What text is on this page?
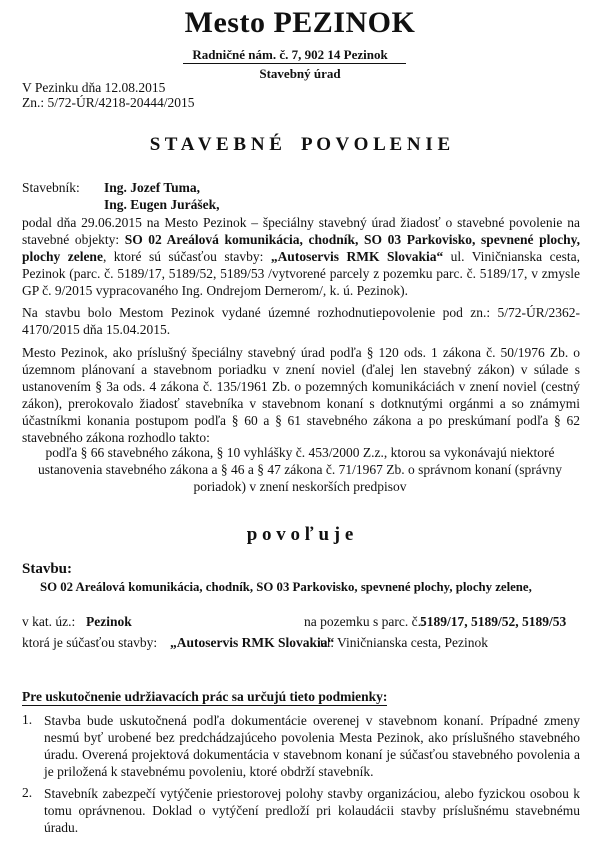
Mesto PEZINOK
Radničné nám. č. 7, 902 14 Pezinok
Stavebný úrad
V Pezinku dňa 12.08.2015
Zn.: 5/72-ÚR/4218-20444/2015
S T A V E B N É    P O V O L E N I E
Stavebník: Ing. Jozef Tuma,
Ing. Eugen Jurášek,
podal dňa 29.06.2015 na Mesto Pezinok – špeciálny stavebný úrad žiadosť o stavebné povolenie na stavebné objekty: SO 02 Areálová komunikácia, chodník, SO 03 Parkovisko, spevnené plochy, plochy zelene, ktoré sú súčasťou stavby: „Autoservis RMK Slovakia“ ul. Viničnianska cesta, Pezinok (parc. č. 5189/17, 5189/52, 5189/53 /vytvorené parcely z pozemku parc. č. 5189/17, v zmysle GP č. 9/2015 vypracovaného Ing. Ondrejom Dernerom/, k. ú. Pezinok).
Na stavbu bolo Mestom Pezinok vydané územné rozhodnutiepovolenie pod zn.: 5/72-ÚR/2362-4170/2015 dňa 15.04.2015.
Mesto Pezinok, ako príslušný špeciálny stavebný úrad podľa § 120 ods. 1 zákona č. 50/1976 Zb. o územnom plánovaní a stavebnom poriadku v znení noviel (ďalej len stavebný zákon) v súlade s ustanovením § 3a ods. 4 zákona č. 135/1961 Zb. o pozemných komunikáciách v znení noviel (cestný zákon), prerokovalo žiadosť stavebníka v stavebnom konaní s dotknutými orgánmi a so známymi účastníkmi konania postupom podľa § 60 a § 61 stavebného zákona a po preskúmaní podľa § 62 stavebného zákona rozhodlo takto:
podľa § 66 stavebného zákona, § 10 vyhlášky č. 453/2000 Z.z., ktorou sa vykonávajú niektoré ustanovenia stavebného zákona a § 46 a § 47 zákona č. 71/1967 Zb. o správnom konaní (správny poriadok) v znení neskorších predpisov
p o v o ľ u j e
Stavbu:
SO 02 Areálová komunikácia, chodník, SO 03 Parkovisko, spevnené plochy, plochy zelene,
v kat. úz.: Pezinok	na pozemku s parc. č.:
5189/17, 5189/52, 5189/53
ktorá je súčasťou stavby: „Autoservis RMK Slovakia“
ul. Viničnianska cesta, Pezinok
Pre uskutočnenie udržiavacích prác sa určujú tieto podmienky:
1. Stavba bude uskutočnená podľa dokumentácie overenej v stavebnom konaní. Prípadné zmeny nesmú byť urobené bez predchádzajúceho povolenia Mesta Pezinok, ako príslušného stavebného úradu. Overená projektová dokumentácia v stavebnom konaní je súčasťou stavebného povolenia a je priložená k stavebnému povoleniu, ktoré obdrží stavebník.
2. Stavebník zabezpečí vytýčenie priestorovej polohy stavby organizáciou, alebo fyzickou osobou k tomu oprávnenou. Doklad o vytýčení predloží pri kolaudácii stavby príslušnému stavebnému úradu.
